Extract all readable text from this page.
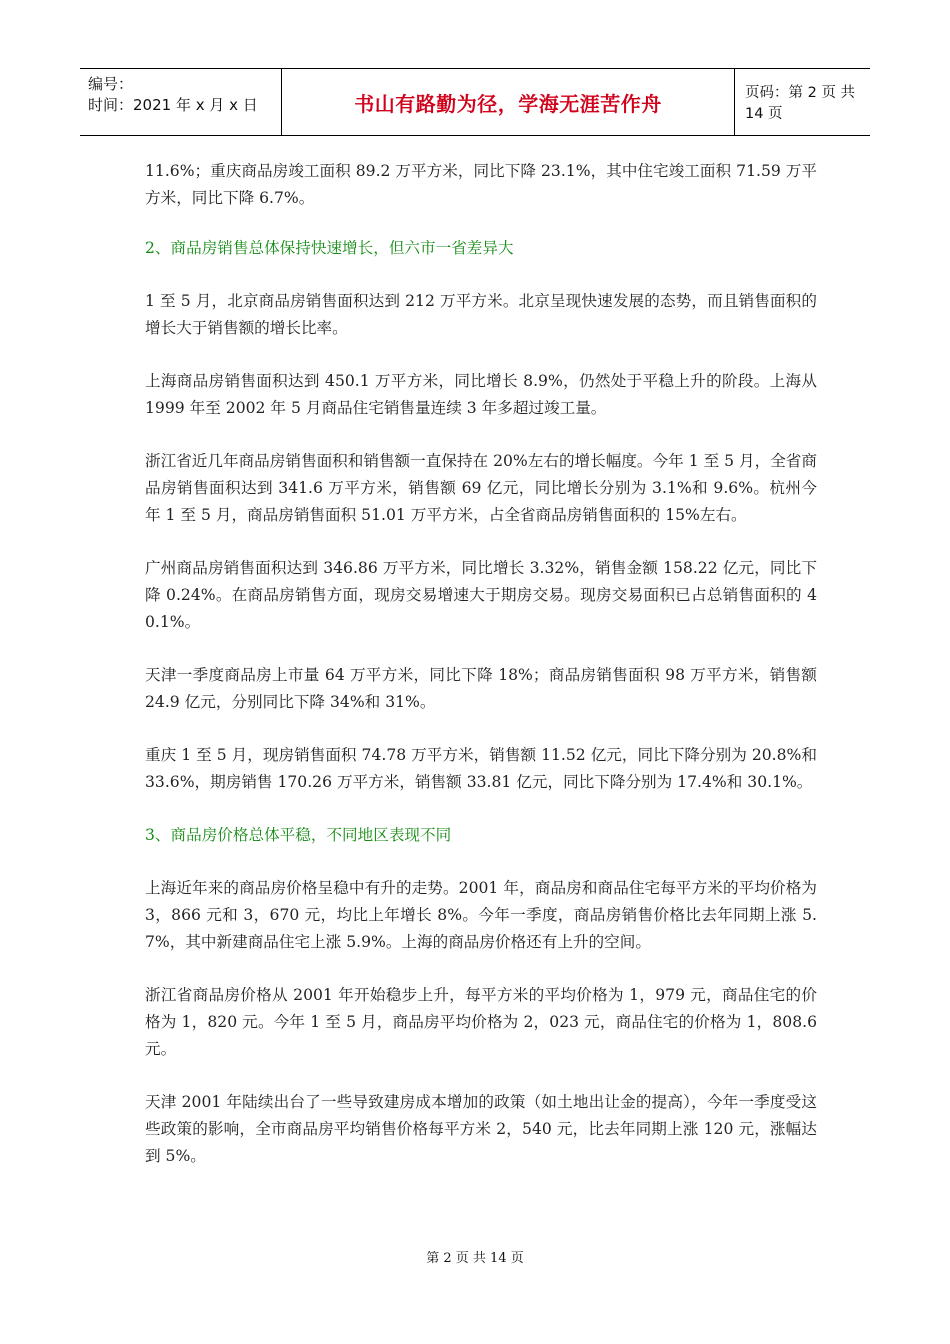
编号：
时间：2021 年 x 月 x 日	书山有路勤为径，学海无涯苦作舟	页码：第 2 页 共 14 页

11.6%；重庆商品房竣工面积 89.2 万平方米，同比下降 23.1%，其中住宅竣工面积 71.59 万平方米，同比下降 6.7%。

2、商品房销售总体保持快速增长，但六市一省差异大

1 至 5 月，北京商品房销售面积达到 212 万平方米。北京呈现快速发展的态势，而且销售面积的增长大于销售额的增长比率。

上海商品房销售面积达到 450.1 万平方米，同比增长 8.9%，仍然处于平稳上升的阶段。上海从 1999 年至 2002 年 5 月商品住宅销售量连续 3 年多超过竣工量。

浙江省近几年商品房销售面积和销售额一直保持在 20%左右的增长幅度。今年 1 至 5 月，全省商品房销售面积达到 341.6 万平方米，销售额 69 亿元，同比增长分别为 3.1%和 9.6%。杭州今年 1 至 5 月，商品房销售面积 51.01 万平方米，占全省商品房销售面积的 15%左右。

广州商品房销售面积达到 346.86 万平方米，同比增长 3.32%，销售金额 158.22 亿元，同比下降 0.24%。在商品房销售方面，现房交易增速大于期房交易。现房交易面积已占总销售面积的 40.1%。

天津一季度商品房上市量 64 万平方米，同比下降 18%；商品房销售面积 98 万平方米，销售额 24.9 亿元，分别同比下降 34%和 31%。

重庆 1 至 5 月，现房销售面积 74.78 万平方米，销售额 11.52 亿元，同比下降分别为 20.8%和 33.6%，期房销售 170.26 万平方米，销售额 33.81 亿元，同比下降分别为 17.4%和 30.1%。

3、商品房价格总体平稳，不同地区表现不同

上海近年来的商品房价格呈稳中有升的走势。2001 年，商品房和商品住宅每平方米的平均价格为 3，866 元和 3，670 元，均比上年增长 8%。今年一季度，商品房销售价格比去年同期上涨 5.7%，其中新建商品住宅上涨 5.9%。上海的商品房价格还有上升的空间。

浙江省商品房价格从 2001 年开始稳步上升，每平方米的平均价格为 1，979 元，商品住宅的价格为 1，820 元。今年 1 至 5 月，商品房平均价格为 2，023 元，商品住宅的价格为 1，808.6 元。

天津 2001 年陆续出台了一些导致建房成本增加的政策（如土地出让金的提高），今年一季度受这些政策的影响，全市商品房平均销售价格每平方米 2，540 元，比去年同期上涨 120 元，涨幅达到 5%。

第 2 页 共 14 页
